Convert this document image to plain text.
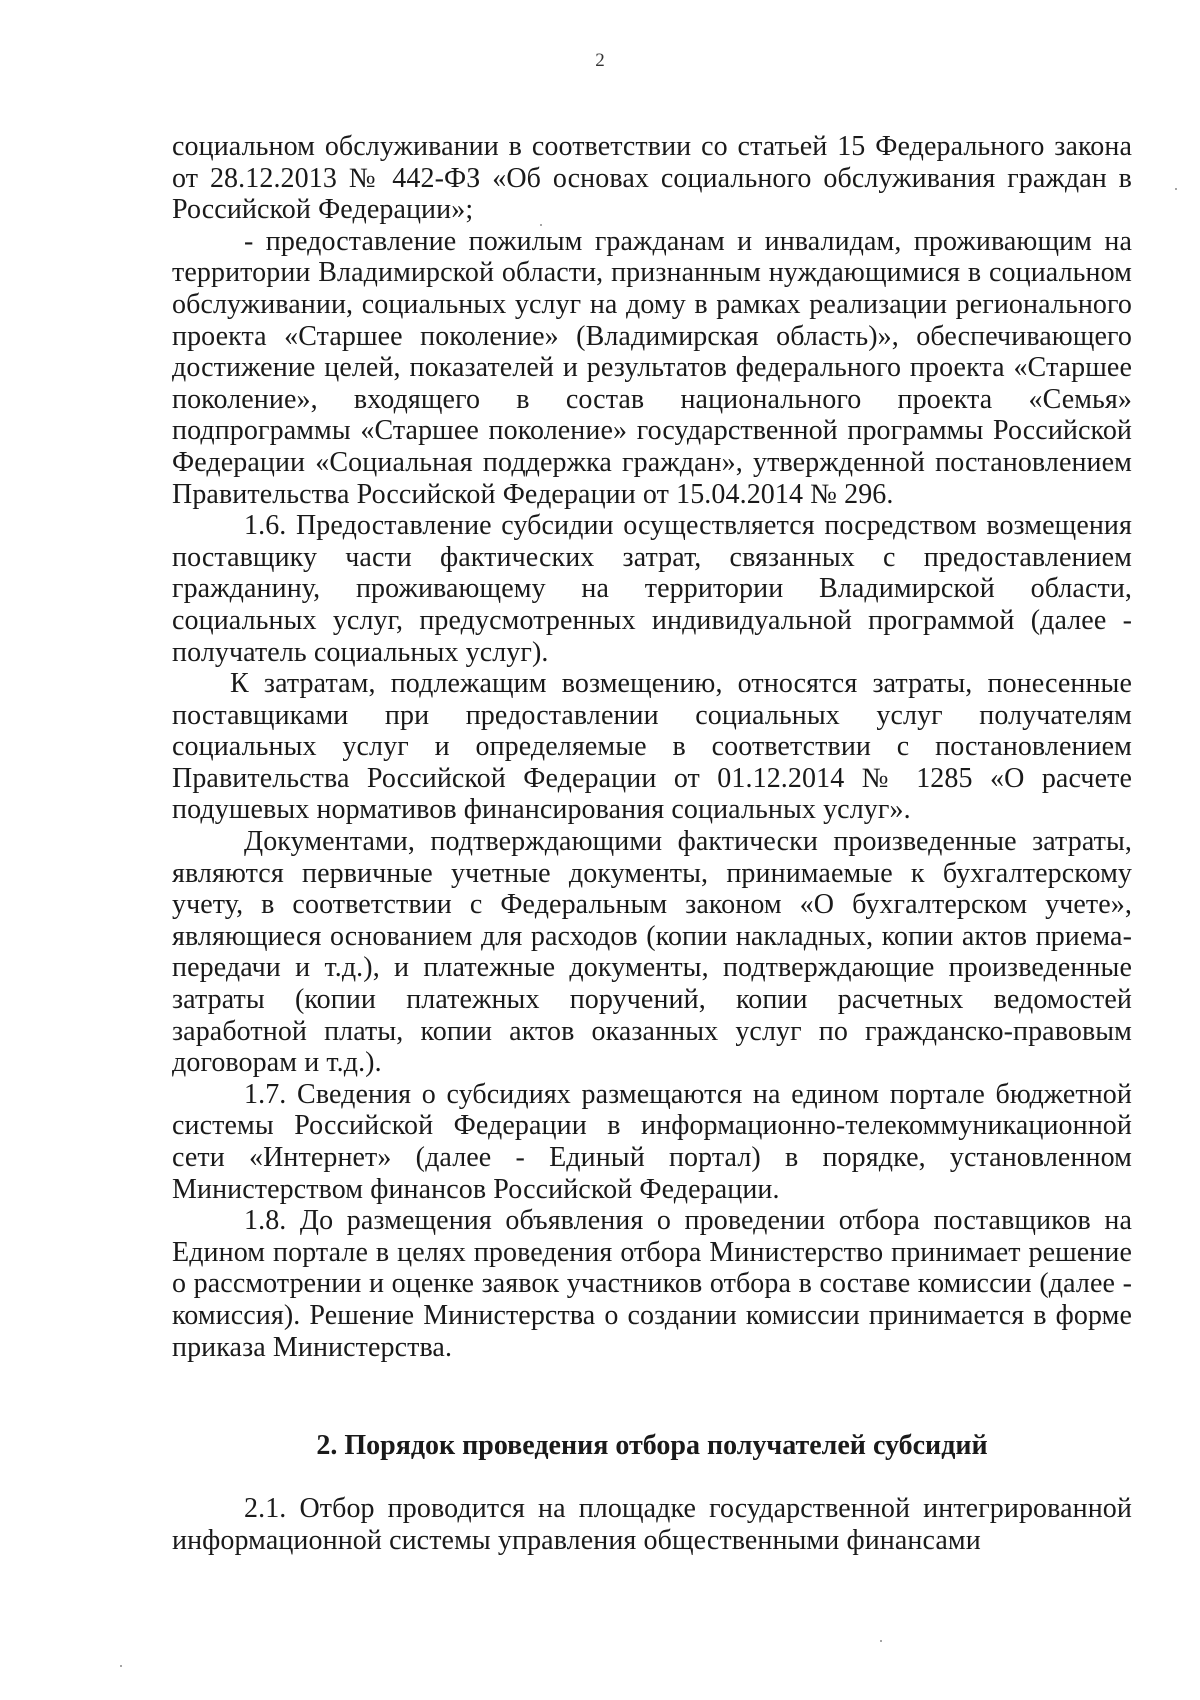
2

социальном обслуживании в соответствии со статьей 15 Федерального закона от 28.12.2013 № 442-ФЗ «Об основах социального обслуживания граждан в Российской Федерации»;

- предоставление пожилым гражданам и инвалидам, проживающим на территории Владимирской области, признанным нуждающимися в социальном обслуживании, социальных услуг на дому в рамках реализации регионального проекта «Старшее поколение» (Владимирская область)», обеспечивающего достижение целей, показателей и результатов федерального проекта «Старшее поколение», входящего в состав национального проекта «Семья» подпрограммы «Старшее поколение» государственной программы Российской Федерации «Социальная поддержка граждан», утвержденной постановлением Правительства Российской Федерации от 15.04.2014 № 296.

1.6. Предоставление субсидии осуществляется посредством возмещения поставщику части фактических затрат, связанных с предоставлением гражданину, проживающему на территории Владимирской области, социальных услуг, предусмотренных индивидуальной программой (далее - получатель социальных услуг).

К затратам, подлежащим возмещению, относятся затраты, понесенные поставщиками при предоставлении социальных услуг получателям социальных услуг и определяемые в соответствии с постановлением Правительства Российской Федерации от 01.12.2014 № 1285 «О расчете подушевых нормативов финансирования социальных услуг».

Документами, подтверждающими фактически произведенные затраты, являются первичные учетные документы, принимаемые к бухгалтерскому учету, в соответствии с Федеральным законом «О бухгалтерском учете», являющиеся основанием для расходов (копии накладных, копии актов приема-передачи и т.д.), и платежные документы, подтверждающие произведенные затраты (копии платежных поручений, копии расчетных ведомостей заработной платы, копии актов оказанных услуг по гражданско-правовым договорам и т.д.).

1.7. Сведения о субсидиях размещаются на едином портале бюджетной системы Российской Федерации в информационно-телекоммуникационной сети «Интернет» (далее - Единый портал) в порядке, установленном Министерством финансов Российской Федерации.

1.8. До размещения объявления о проведении отбора поставщиков на Едином портале в целях проведения отбора Министерство принимает решение о рассмотрении и оценке заявок участников отбора в составе комиссии (далее - комиссия). Решение Министерства о создании комиссии принимается в форме приказа Министерства.

2. Порядок проведения отбора получателей субсидий

2.1. Отбор проводится на площадке государственной интегрированной информационной системы управления общественными финансами
